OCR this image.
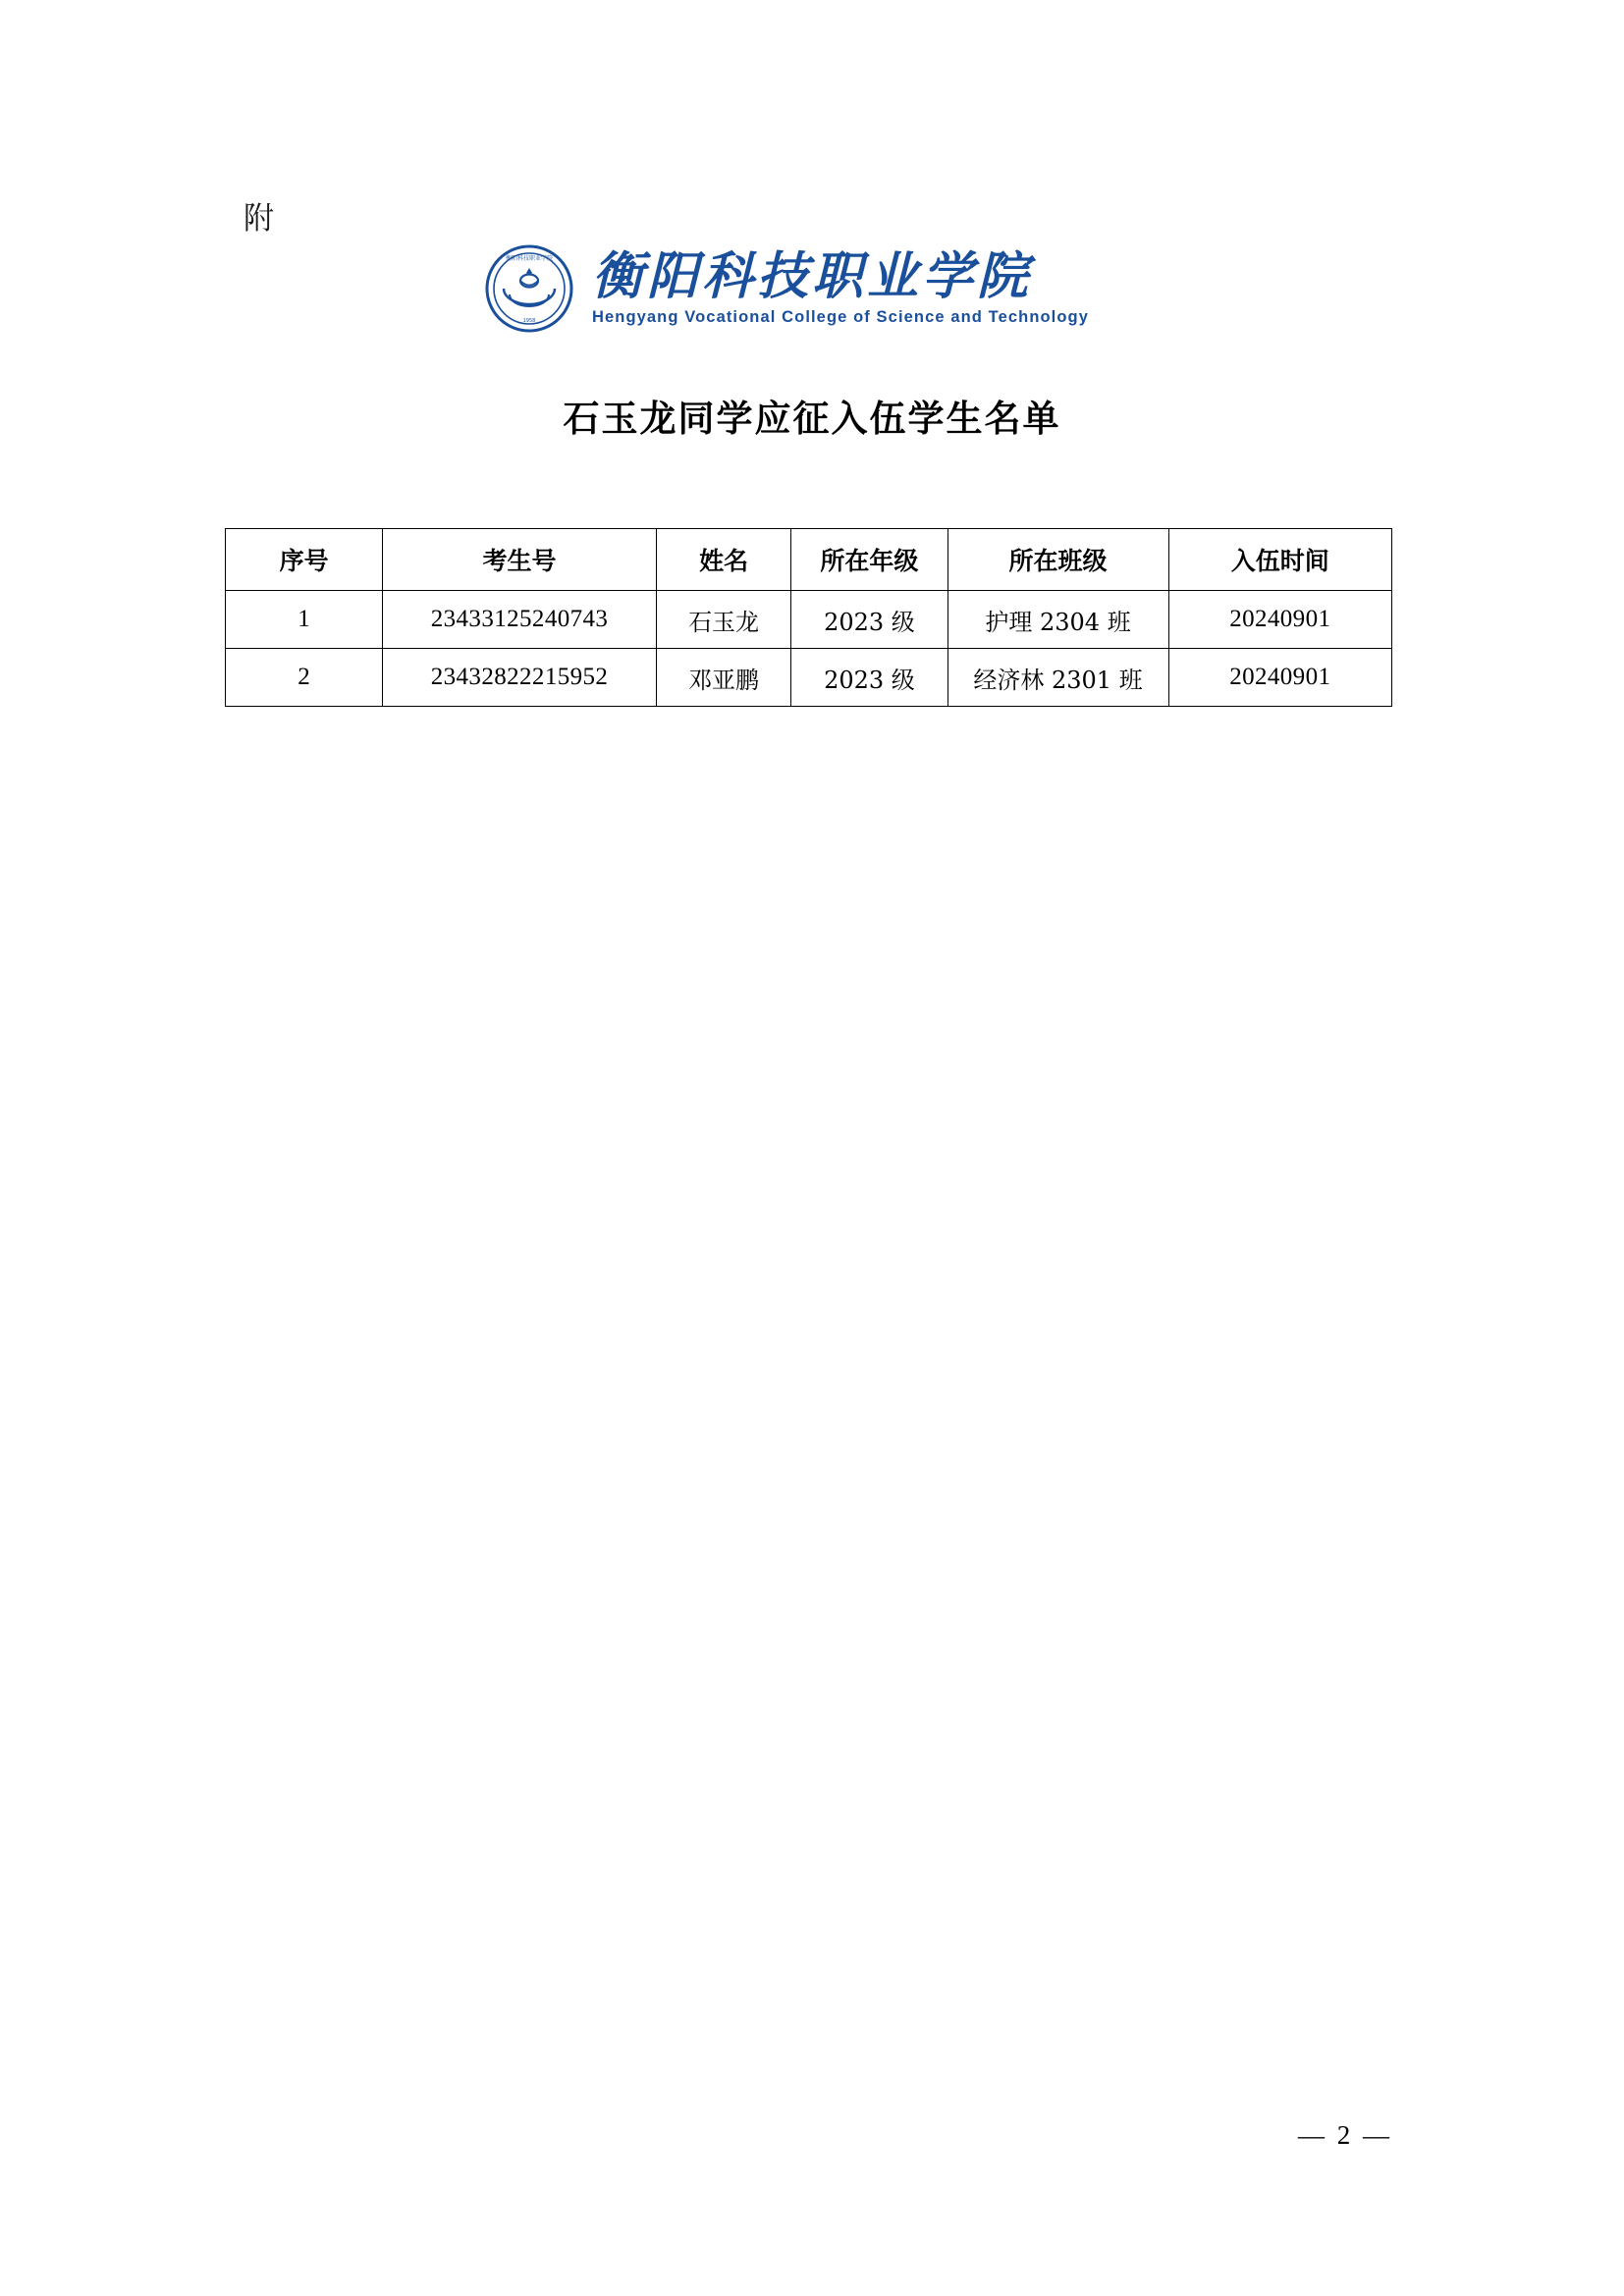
附
衡阳科技职业学院
1958
衡阳科技职业学院
Hengyang Vocational College of Science and Technology
石玉龙同学应征入伍学生名单
序号	考生号	姓名	所在年级	所在班级	入伍时间
1	23433125240743	石玉龙	2023 级	护理 2304 班	20240901
2	23432822215952	邓亚鹏	2023 级	经济林 2301 班	20240901
— 2 —
